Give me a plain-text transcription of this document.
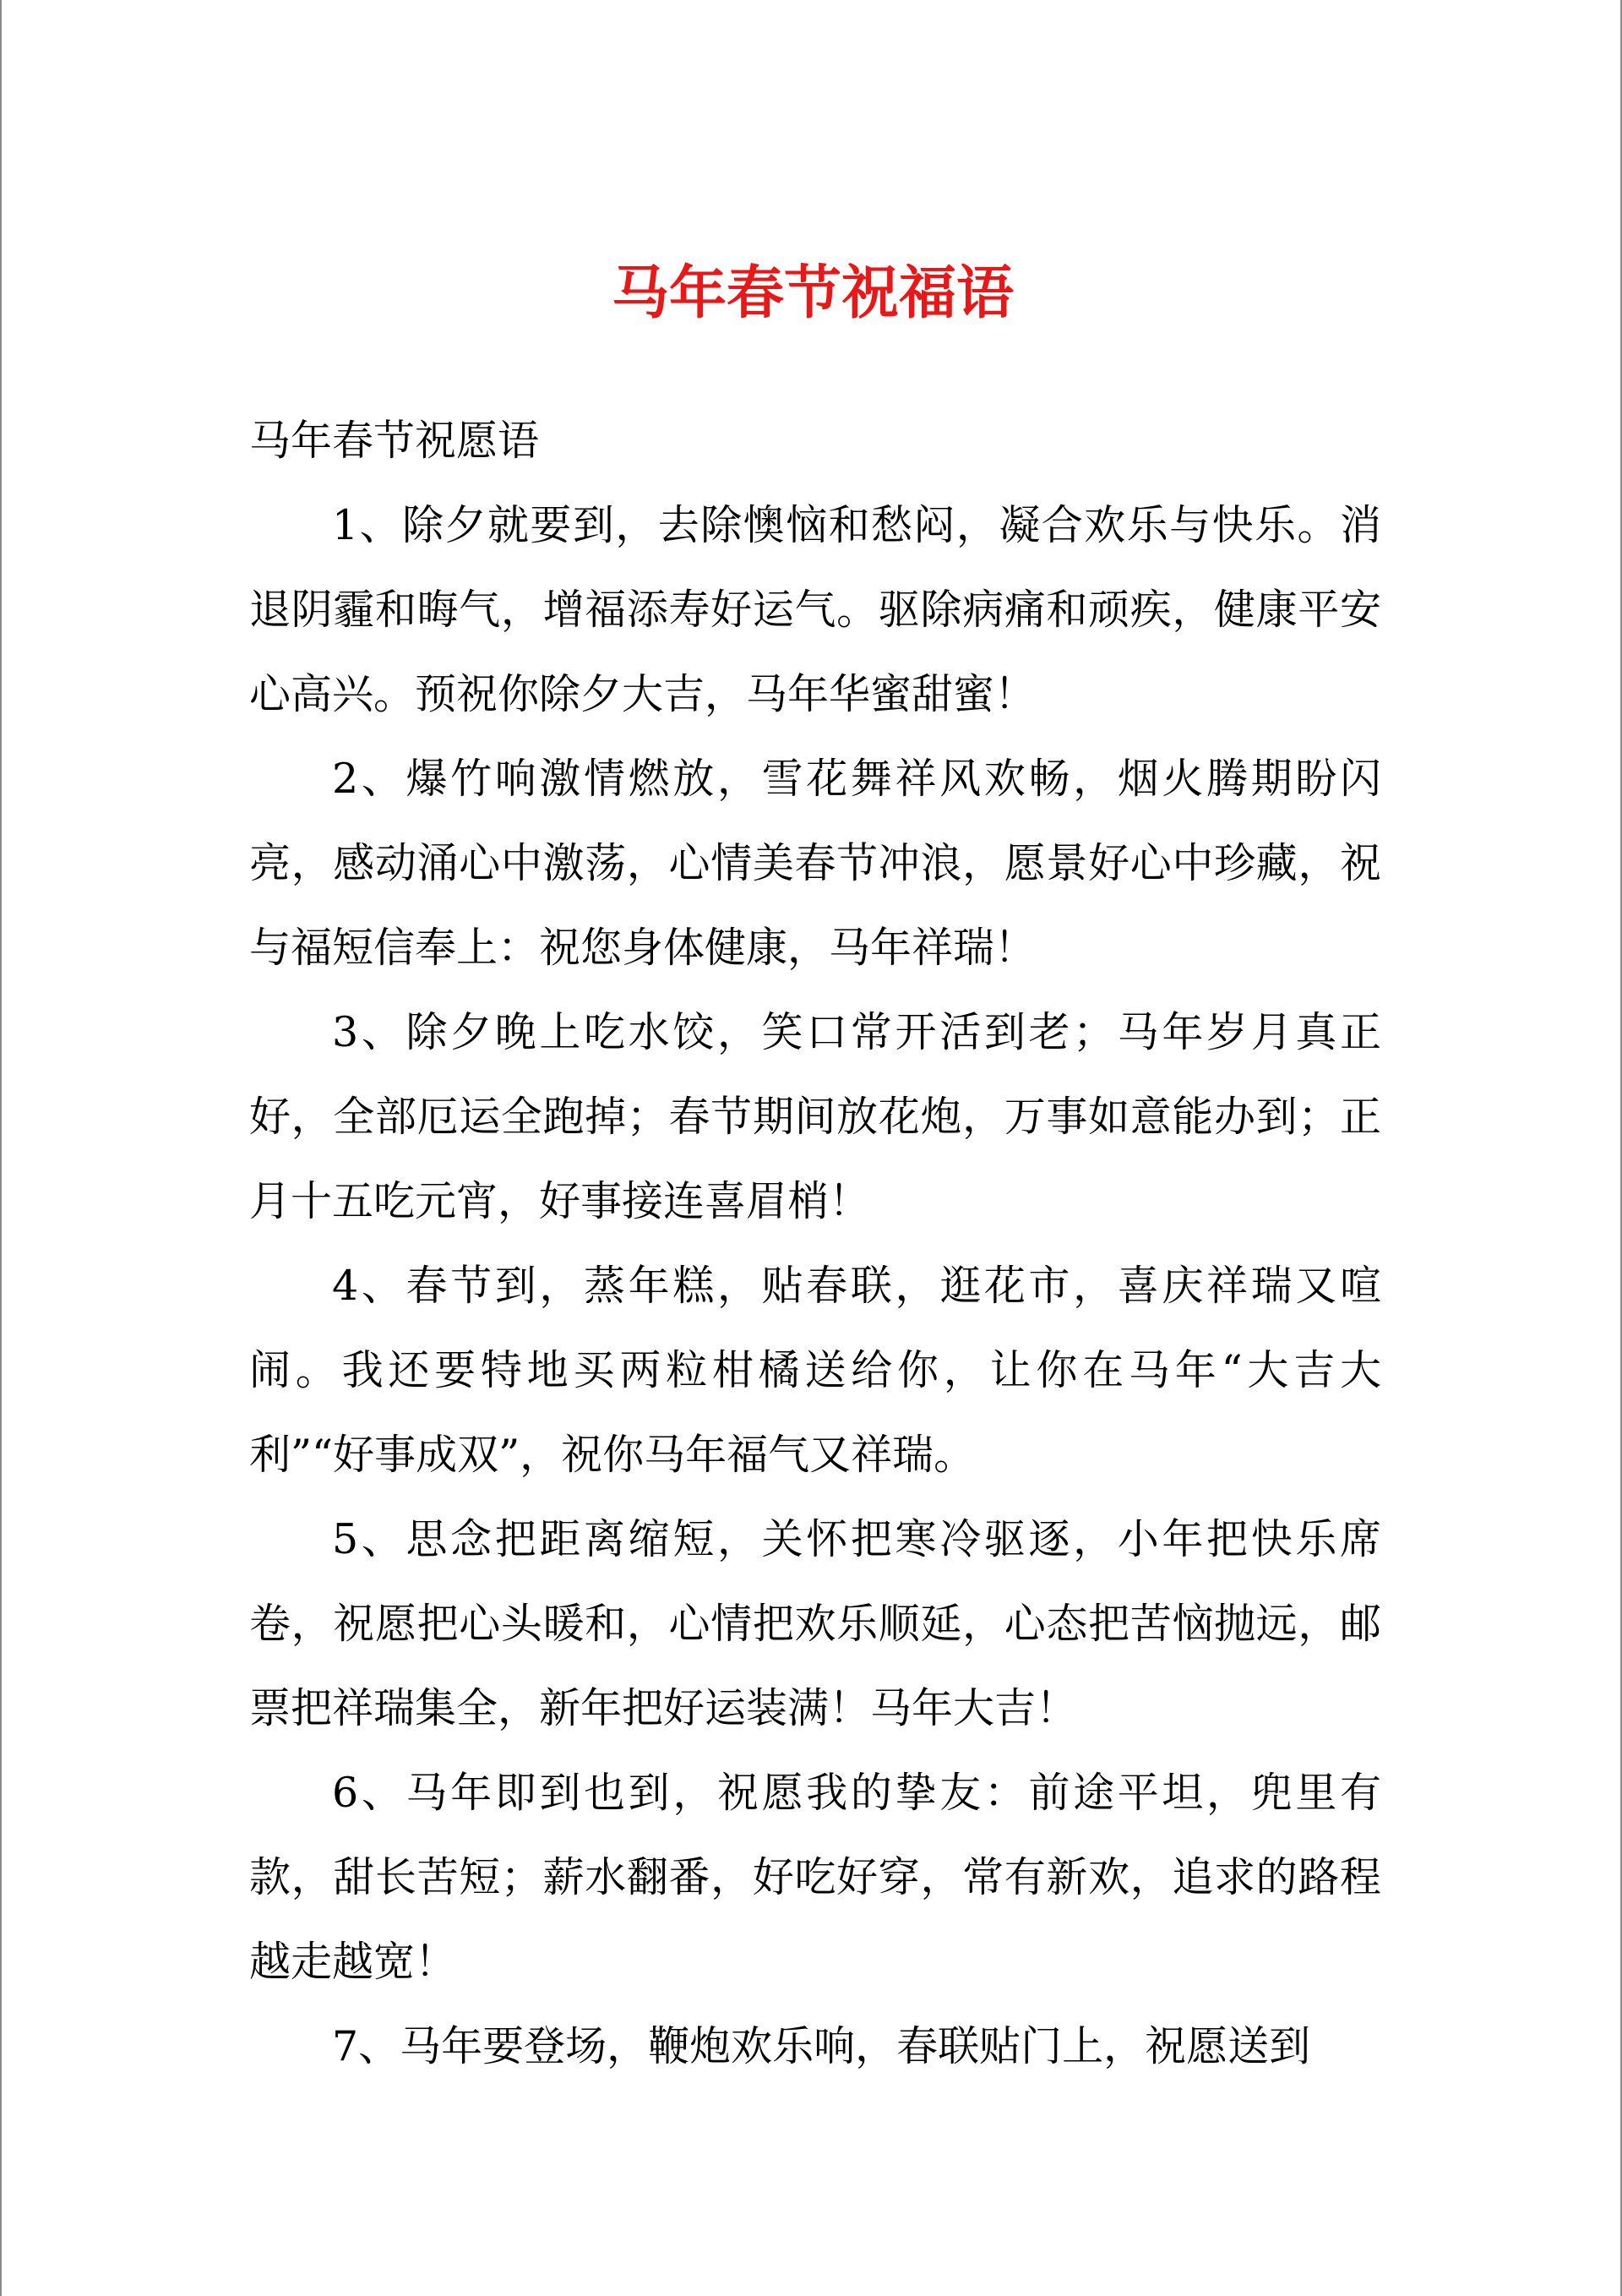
马年春节祝福语

马年春节祝愿语

1、除夕就要到，去除懊恼和愁闷，凝合欢乐与快乐。消退阴霾和晦气，增福添寿好运气。驱除病痛和顽疾，健康平安心高兴。预祝你除夕大吉，马年华蜜甜蜜！

2、爆竹响激情燃放，雪花舞祥风欢畅，烟火腾期盼闪亮，感动涌心中激荡，心情美春节冲浪，愿景好心中珍藏，祝与福短信奉上：祝您身体健康，马年祥瑞！

3、除夕晚上吃水饺，笑口常开活到老；马年岁月真正好，全部厄运全跑掉；春节期间放花炮，万事如意能办到；正月十五吃元宵，好事接连喜眉梢！

4、春节到，蒸年糕，贴春联，逛花市，喜庆祥瑞又喧闹。我还要特地买两粒柑橘送给你，让你在马年“大吉大利”“好事成双”，祝你马年福气又祥瑞。

5、思念把距离缩短，关怀把寒冷驱逐，小年把快乐席卷，祝愿把心头暖和，心情把欢乐顺延，心态把苦恼抛远，邮票把祥瑞集全，新年把好运装满！马年大吉！

6、马年即到也到，祝愿我的挚友：前途平坦，兜里有款，甜长苦短；薪水翻番，好吃好穿，常有新欢，追求的路程越走越宽！

7、马年要登场，鞭炮欢乐响，春联贴门上，祝愿送到
